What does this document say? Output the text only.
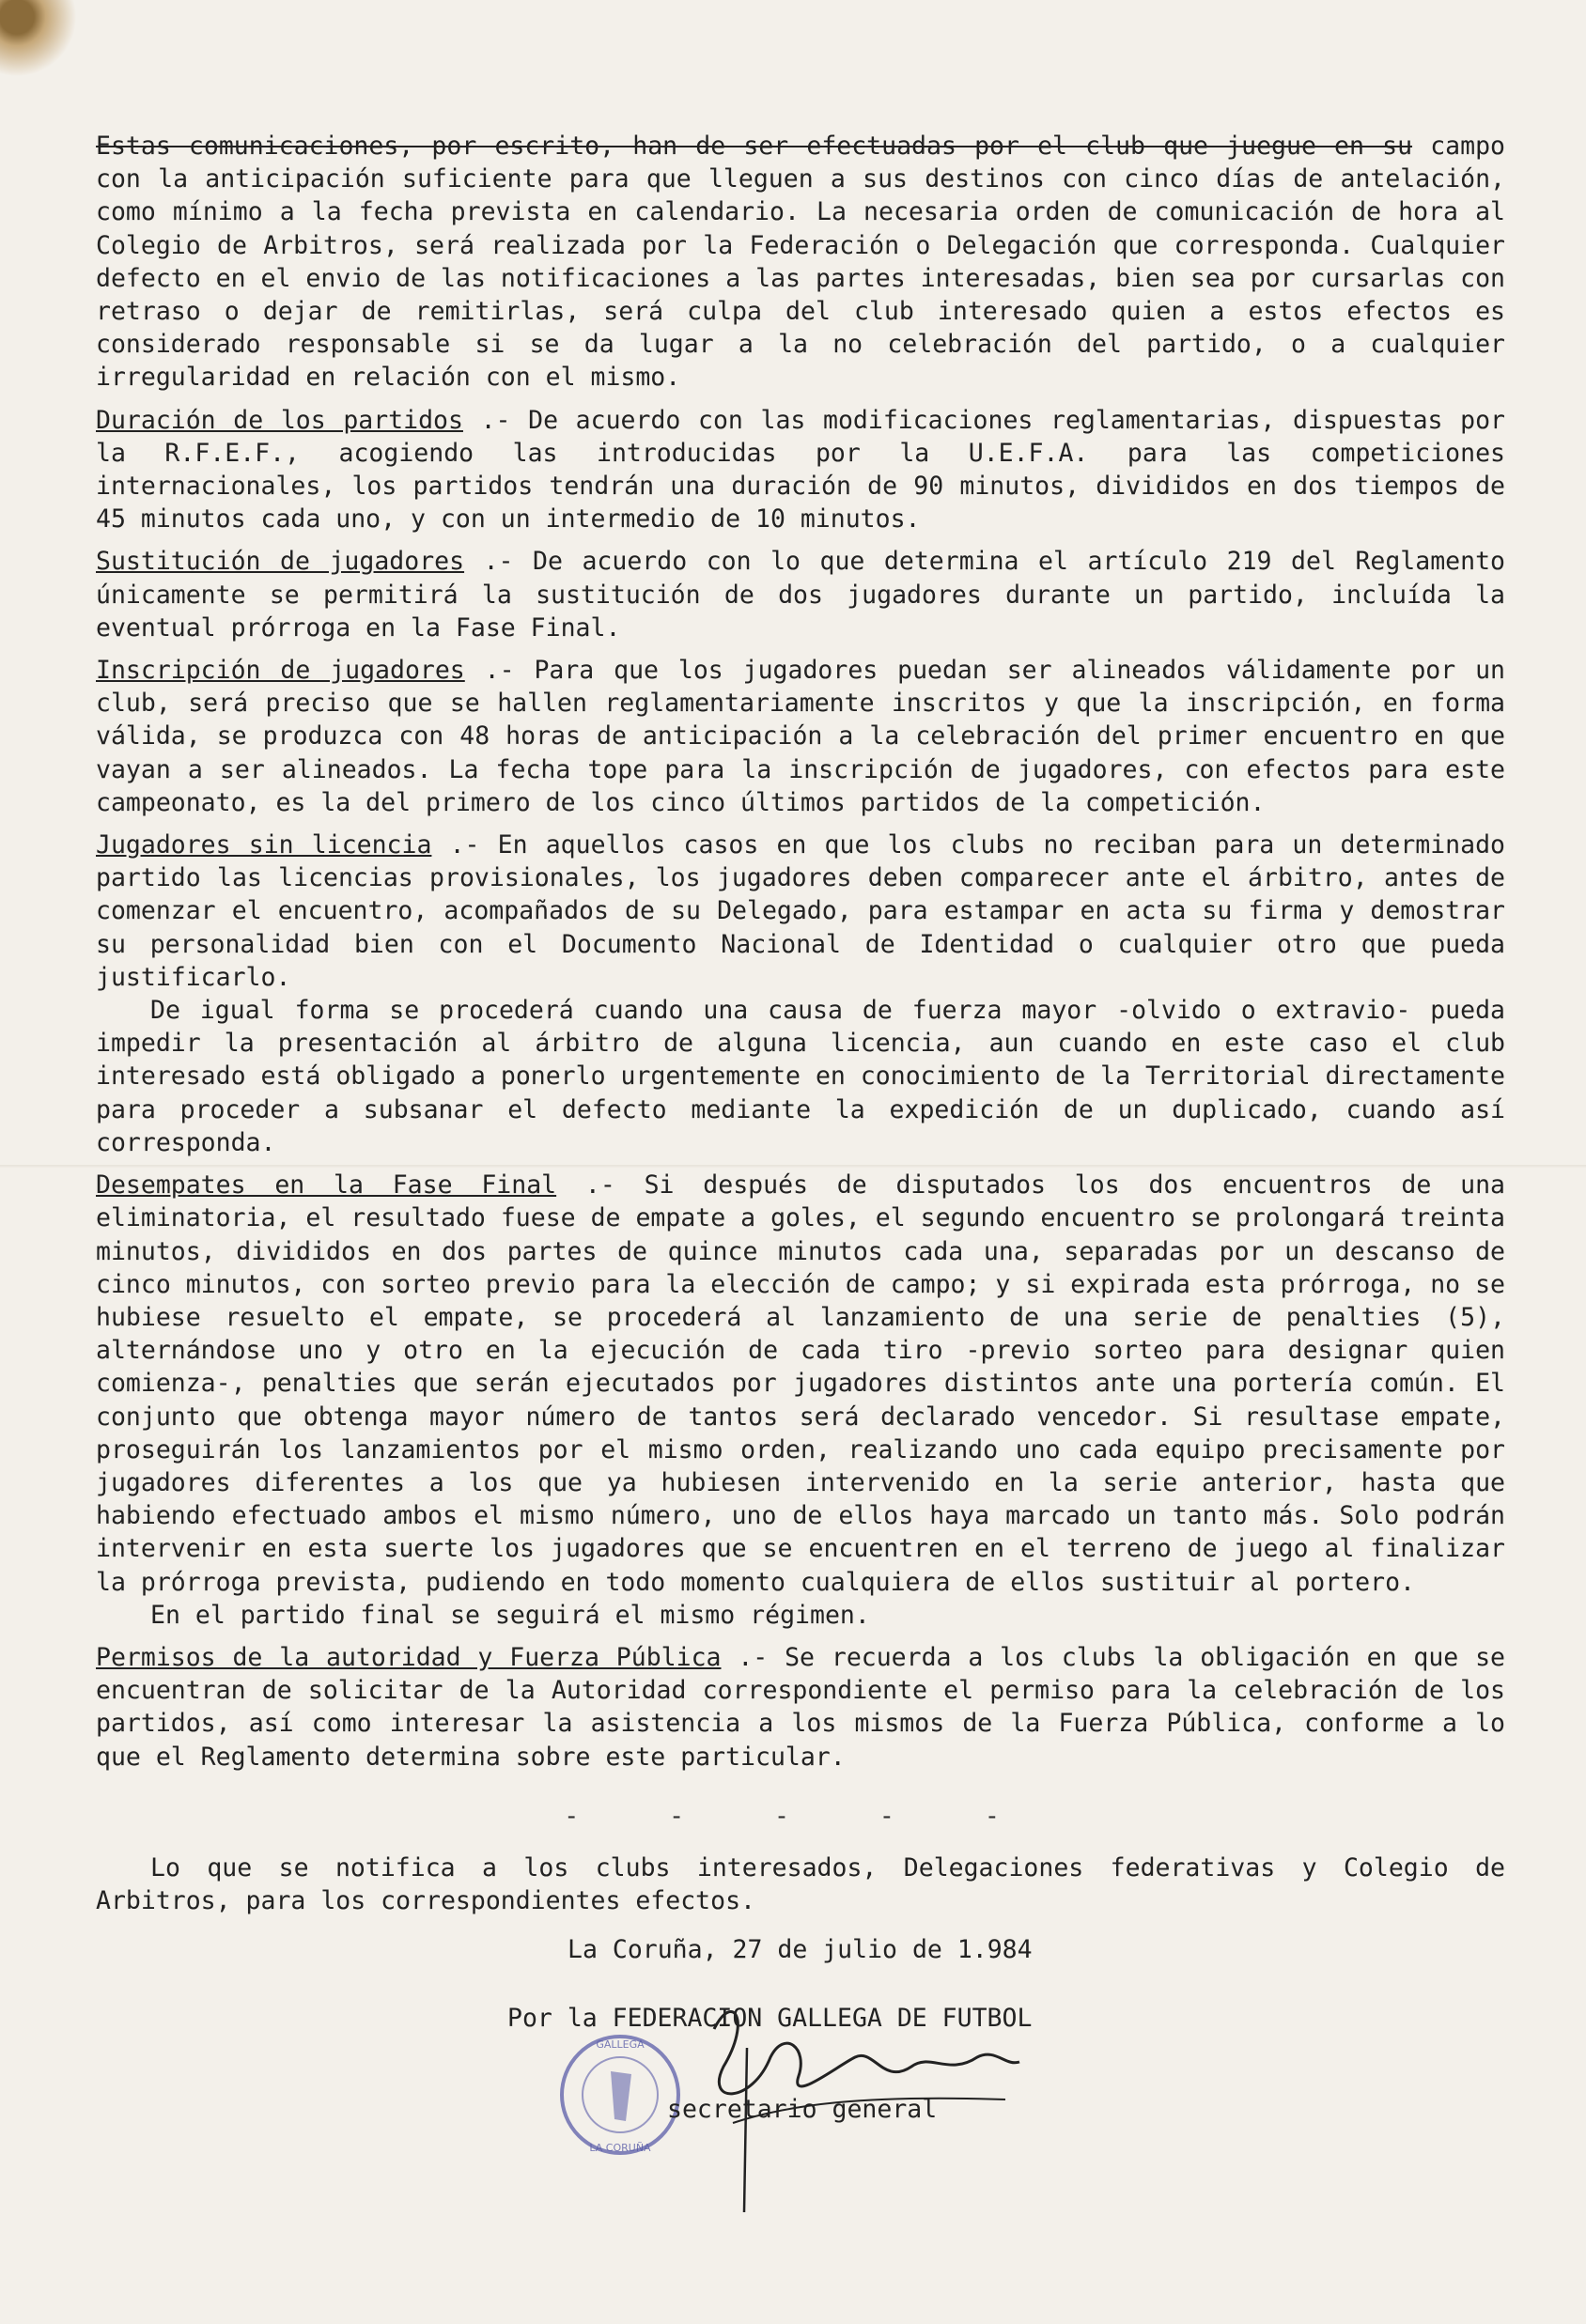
Estas comunicaciones, por escrito, han de ser efectuadas por el club que juegue en su campo con la anticipación suficiente para que lleguen a sus destinos con cinco días de antelación, como mínimo a la fecha prevista en calendario. La necesaria orden de comunicación de hora al Colegio de Arbitros, será realizada por la Federación o Delegación que corresponda. Cualquier defecto en el envio de las notificaciones a las partes interesadas, bien sea por cursarlas con retraso o dejar de remitirlas, será culpa del club interesado quien a estos efectos es considerado responsable si se da lugar a la no celebración del partido, o a cualquier irregularidad en relación con el mismo.

Duración de los partidos .- De acuerdo con las modificaciones reglamentarias, dispuestas por la R.F.E.F., acogiendo las introducidas por la U.E.F.A. para las competiciones internacionales, los partidos tendrán una duración de 90 minutos, divididos en dos tiempos de 45 minutos cada uno, y con un intermedio de 10 minutos.

Sustitución de jugadores .- De acuerdo con lo que determina el artículo 219 del Reglamento únicamente se permitirá la sustitución de dos jugadores durante un partido, incluída la eventual prórroga en la Fase Final.

Inscripción de jugadores .- Para que los jugadores puedan ser alineados válidamente por un club, será preciso que se hallen reglamentariamente inscritos y que la inscripción, en forma válida, se produzca con 48 horas de anticipación a la celebración del primer encuentro en que vayan a ser alineados. La fecha tope para la inscripción de jugadores, con efectos para este campeonato, es la del primero de los cinco últimos partidos de la competición.

Jugadores sin licencia .- En aquellos casos en que los clubs no reciban para un determinado partido las licencias provisionales, los jugadores deben comparecer ante el árbitro, antes de comenzar el encuentro, acompañados de su Delegado, para estampar en acta su firma y demostrar su personalidad bien con el Documento Nacional de Identidad o cualquier otro que pueda justificarlo.

De igual forma se procederá cuando una causa de fuerza mayor -olvido o extravio- pueda impedir la presentación al árbitro de alguna licencia, aun cuando en este caso el club interesado está obligado a ponerlo urgentemente en conocimiento de la Territorial directamente para proceder a subsanar el defecto mediante la expedición de un duplicado, cuando así corresponda.

Desempates en la Fase Final .- Si después de disputados los dos encuentros de una eliminatoria, el resultado fuese de empate a goles, el segundo encuentro se prolongará treinta minutos, divididos en dos partes de quince minutos cada una, separadas por un descanso de cinco minutos, con sorteo previo para la elección de campo; y si expirada esta prórroga, no se hubiese resuelto el empate, se procederá al lanzamiento de una serie de penalties (5), alternándose uno y otro en la ejecución de cada tiro -previo sorteo para designar quien comienza-, penalties que serán ejecutados por jugadores distintos ante una portería común. El conjunto que obtenga mayor número de tantos será declarado vencedor. Si resultase empate, proseguirán los lanzamientos por el mismo orden, realizando uno cada equipo precisamente por jugadores diferentes a los que ya hubiesen intervenido en la serie anterior, hasta que habiendo efectuado ambos el mismo número, uno de ellos haya marcado un tanto más. Solo podrán intervenir en esta suerte los jugadores que se encuentren en el terreno de juego al finalizar la prórroga prevista, pudiendo en todo momento cualquiera de ellos sustituir al portero.

En el partido final se seguirá el mismo régimen.

Permisos de la autoridad y Fuerza Pública .- Se recuerda a los clubs la obligación en que se encuentran de solicitar de la Autoridad correspondiente el permiso para la celebración de los partidos, así como interesar la asistencia a los mismos de la Fuerza Pública, conforme a lo que el Reglamento determina sobre este particular.

- - - - -

Lo que se notifica a los clubs interesados, Delegaciones federativas y Colegio de Arbitros, para los correspondientes efectos.

La Coruña, 27 de julio de 1.984
Por la FEDERACION GALLEGA DE FUTBOL
GALLEGA
LA CORUÑA
secretario general
